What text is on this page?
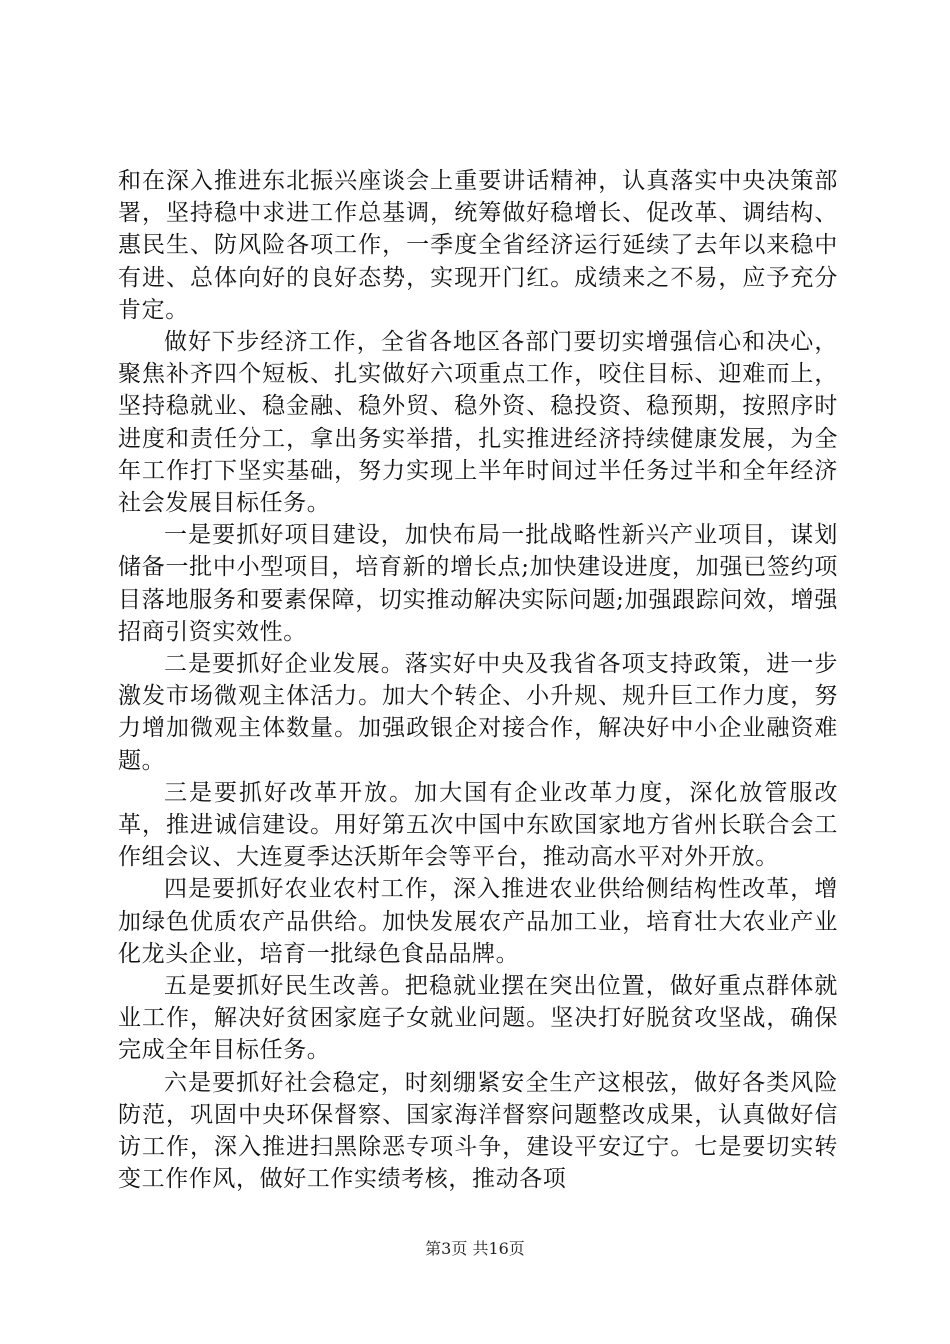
和在深入推进东北振兴座谈会上重要讲话精神，认真落实中央决策部署，坚持稳中求进工作总基调，统筹做好稳增长、促改革、调结构、惠民生、防风险各项工作，一季度全省经济运行延续了去年以来稳中有进、总体向好的良好态势，实现开门红。成绩来之不易，应予充分肯定。

做好下步经济工作，全省各地区各部门要切实增强信心和决心，聚焦补齐四个短板、扎实做好六项重点工作，咬住目标、迎难而上，坚持稳就业、稳金融、稳外贸、稳外资、稳投资、稳预期，按照序时进度和责任分工，拿出务实举措，扎实推进经济持续健康发展，为全年工作打下坚实基础，努力实现上半年时间过半任务过半和全年经济社会发展目标任务。

一是要抓好项目建设，加快布局一批战略性新兴产业项目，谋划储备一批中小型项目，培育新的增长点;加快建设进度，加强已签约项目落地服务和要素保障，切实推动解决实际问题;加强跟踪问效，增强招商引资实效性。

二是要抓好企业发展。落实好中央及我省各项支持政策，进一步激发市场微观主体活力。加大个转企、小升规、规升巨工作力度，努力增加微观主体数量。加强政银企对接合作，解决好中小企业融资难题。

三是要抓好改革开放。加大国有企业改革力度，深化放管服改革，推进诚信建设。用好第五次中国中东欧国家地方省州长联合会工作组会议、大连夏季达沃斯年会等平台，推动高水平对外开放。

四是要抓好农业农村工作，深入推进农业供给侧结构性改革，增加绿色优质农产品供给。加快发展农产品加工业，培育壮大农业产业化龙头企业，培育一批绿色食品品牌。

五是要抓好民生改善。把稳就业摆在突出位置，做好重点群体就业工作，解决好贫困家庭子女就业问题。坚决打好脱贫攻坚战，确保完成全年目标任务。

六是要抓好社会稳定，时刻绷紧安全生产这根弦，做好各类风险防范，巩固中央环保督察、国家海洋督察问题整改成果，认真做好信访工作，深入推进扫黑除恶专项斗争，建设平安辽宁。七是要切实转变工作作风，做好工作实绩考核，推动各项

第3页 共16页
